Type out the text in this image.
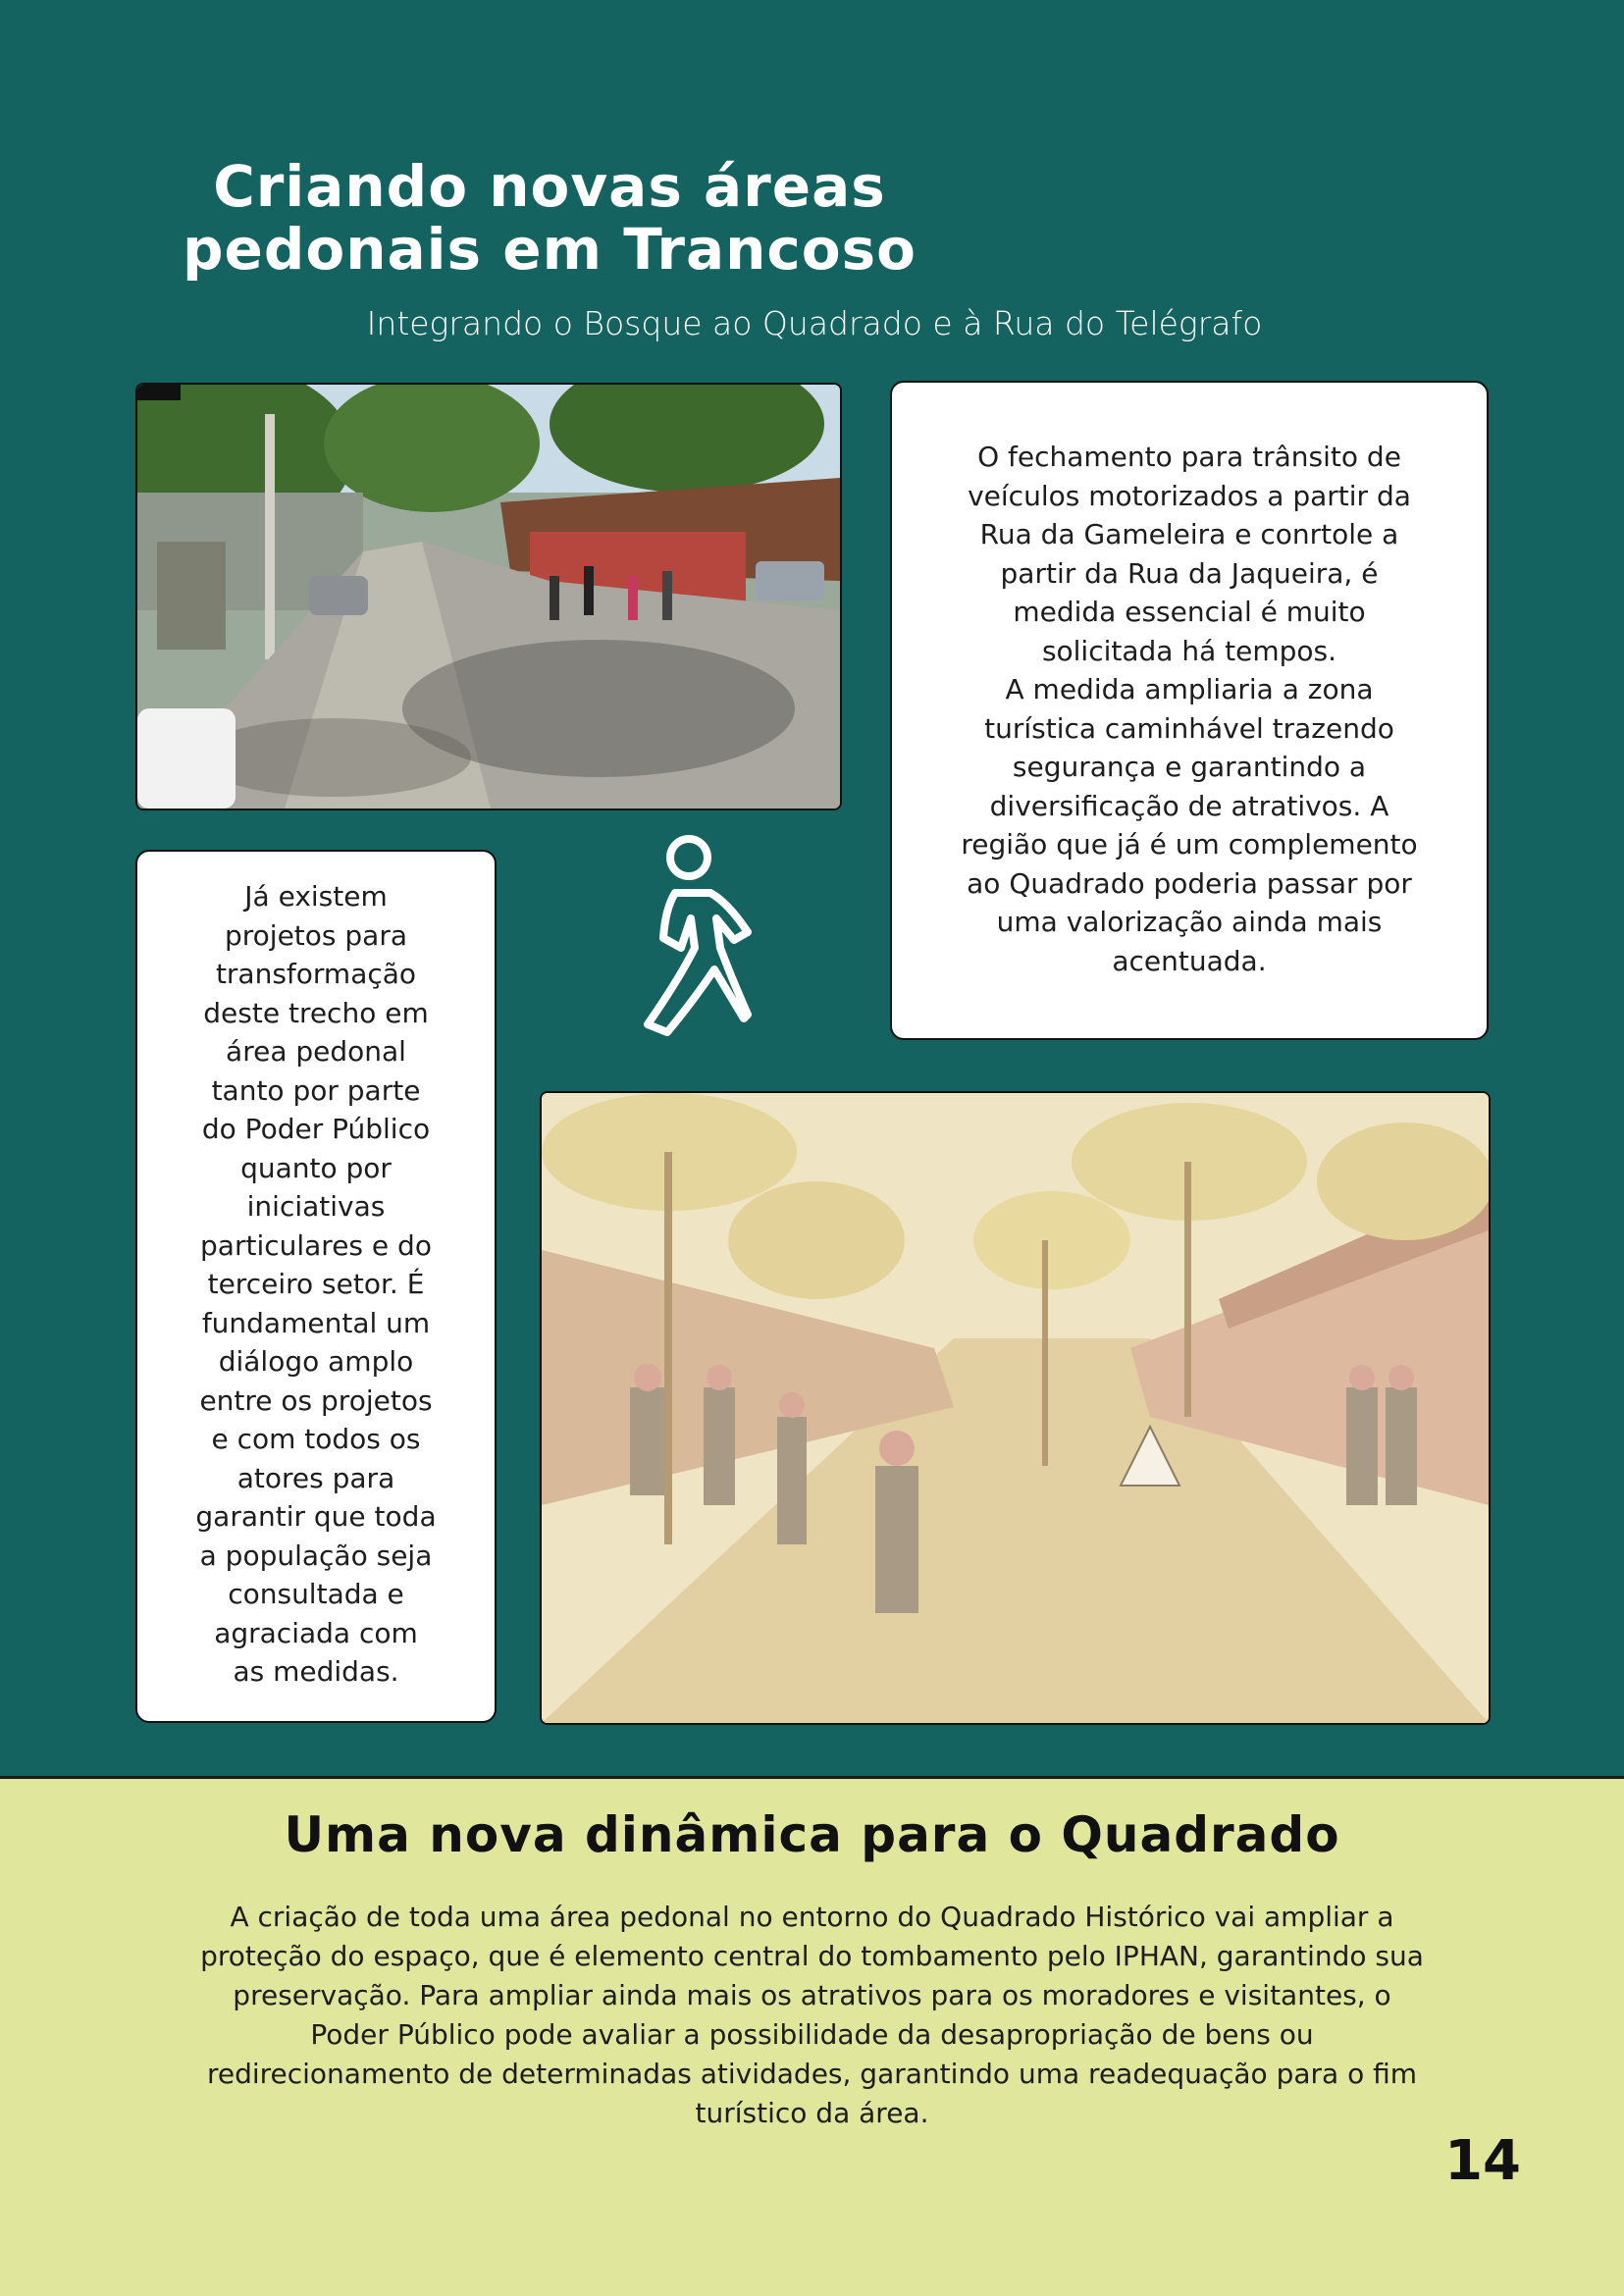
Criando novas áreas
pedonais em Trancoso
Integrando o Bosque ao Quadrado e à Rua do Telégrafo

O fechamento para trânsito de
veículos motorizados a partir da
Rua da Gameleira e conrtole a
partir da Rua da Jaqueira, é
medida essencial é muito
solicitada há tempos.
A medida ampliaria a zona
turística caminhável trazendo
segurança e garantindo a
diversificação de atrativos. A
região que já é um complemento
ao Quadrado poderia passar por
uma valorização ainda mais
acentuada.

Já existem
projetos para
transformação
deste trecho em
área pedonal
tanto por parte
do Poder Público
quanto por
iniciativas
particulares e do
terceiro setor. É
fundamental um
diálogo amplo
entre os projetos
e com todos os
atores para
garantir que toda
a população seja
consultada e
agraciada com
as medidas.

Uma nova dinâmica para o Quadrado

A criação de toda uma área pedonal no entorno do Quadrado Histórico vai ampliar a
proteção do espaço, que é elemento central do tombamento pelo IPHAN, garantindo sua
preservação. Para ampliar ainda mais os atrativos para os moradores e visitantes, o
Poder Público pode avaliar a possibilidade da desapropriação de bens ou
redirecionamento de determinadas atividades, garantindo uma readequação para o fim
turístico da área.

14
